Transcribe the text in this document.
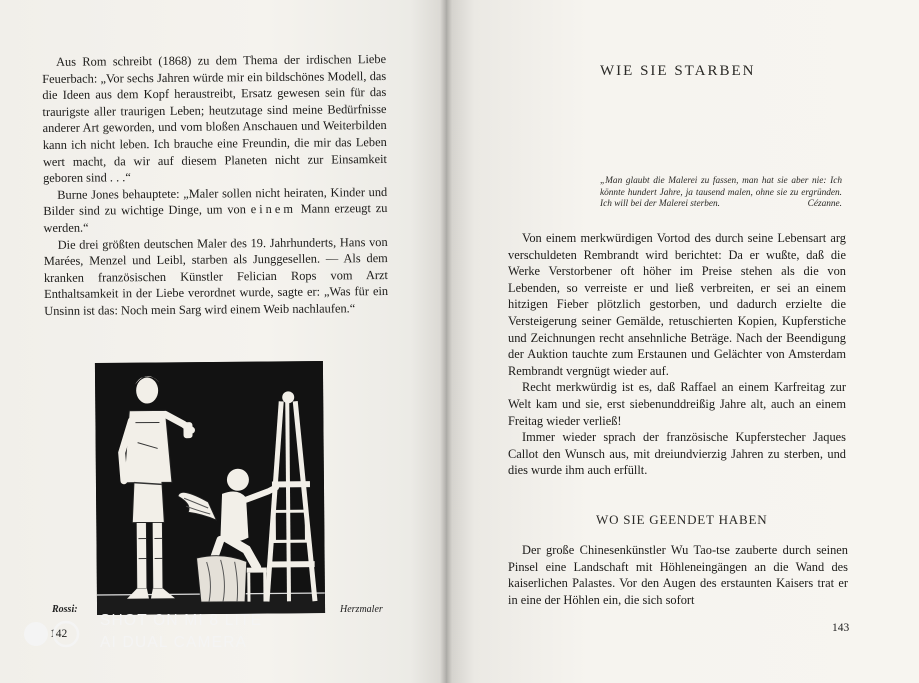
Aus Rom schreibt (1868) zu dem Thema der irdischen Liebe Feuerbach: „Vor sechs Jahren würde mir ein bildschönes Modell, das die Ideen aus dem Kopf heraustreibt, Ersatz gewesen sein für das traurigste aller traurigen Leben; heutzutage sind meine Bedürfnisse anderer Art geworden, und vom bloßen Anschauen und Weiterbilden kann ich nicht leben. Ich brauche eine Freundin, die mir das Leben wert macht, da wir auf diesem Planeten nicht zur Einsamkeit geboren sind . . .“

Burne Jones behauptete: „Maler sollen nicht heiraten, Kinder und Bilder sind zu wichtige Dinge, um von einem Mann erzeugt zu werden.“

Die drei größten deutschen Maler des 19. Jahrhunderts, Hans von Marées, Menzel und Leibl, starben als Junggesellen. — Als dem kranken französischen Künstler Felician Rops vom Arzt Enthaltsamkeit in der Liebe verordnet wurde, sagte er: „Was für ein Unsinn ist das: Noch mein Sarg wird einem Weib nachlaufen.“

Rossi:	Herzmaler
142
WIE SIE STARBEN
„Man glaubt die Malerei zu fassen, man hat sie aber nie: Ich könnte hundert Jahre, ja tausend malen, ohne sie zu ergründen. Ich will bei der Malerei sterben.	Cézanne.

Von einem merkwürdigen Vortod des durch seine Lebensart arg verschuldeten Rembrandt wird berichtet: Da er wußte, daß die Werke Verstorbener oft höher im Preise stehen als die von Lebenden, so verreiste er und ließ verbreiten, er sei an einem hitzigen Fieber plötzlich gestorben, und dadurch erzielte die Versteigerung seiner Gemälde, retuschierten Kopien, Kupferstiche und Zeichnungen recht ansehnliche Beträge. Nach der Beendigung der Auktion tauchte zum Erstaunen und Gelächter von Amsterdam Rembrandt vergnügt wieder auf.

Recht merkwürdig ist es, daß Raffael an einem Karfreitag zur Welt kam und sie, erst siebenunddreißig Jahre alt, auch an einem Freitag wieder verließ!

Immer wieder sprach der französische Kupferstecher Jaques Callot den Wunsch aus, mit dreiundvierzig Jahren zu sterben, und dies wurde ihm auch erfüllt.

WO SIE GEENDET HABEN

Der große Chinesenkünstler Wu Tao-tse zauberte durch seinen Pinsel eine Landschaft mit Höhleneingängen an die Wand des kaiserlichen Palastes. Vor den Augen des erstaunten Kaisers trat er in eine der Höhlen ein, die sich sofort

143
SHOT ON MI 8 LITE
AI DUAL CAMERA
